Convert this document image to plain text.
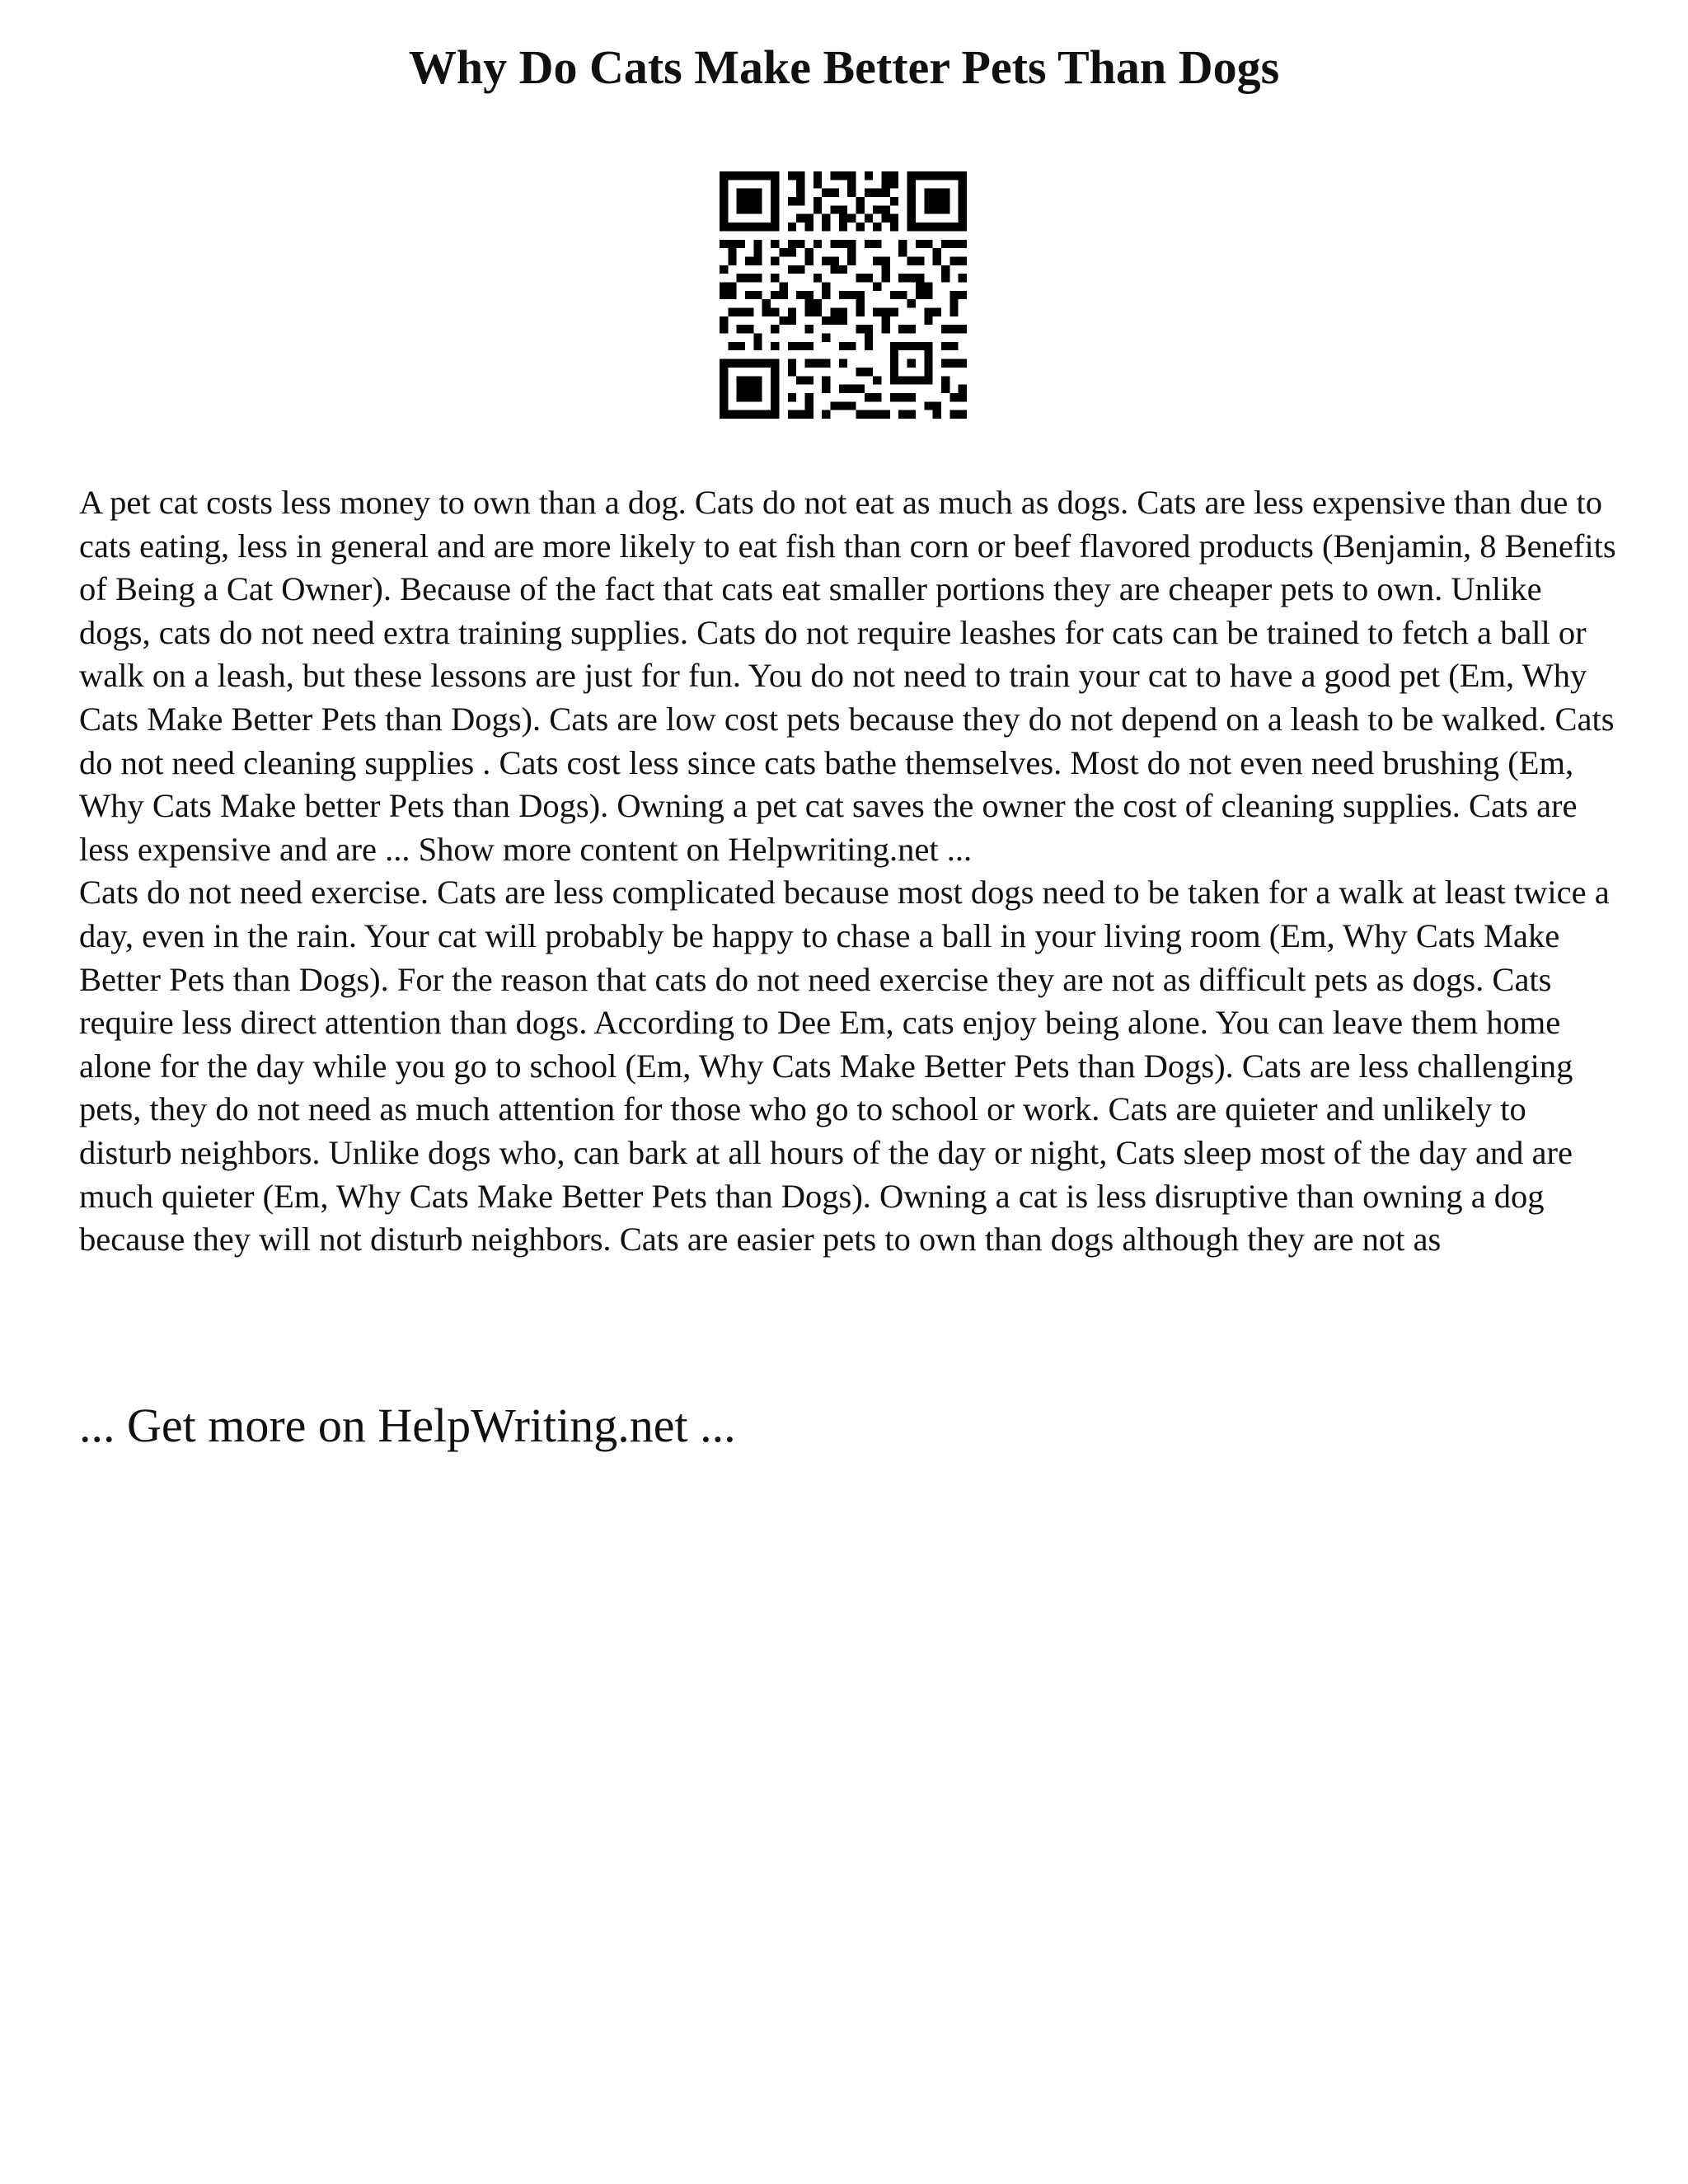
Why Do Cats Make Better Pets Than Dogs

A pet cat costs less money to own than a dog. Cats do not eat as much as dogs. Cats are less expensive than due to cats eating, less in general and are more likely to eat fish than corn or beef flavored products (Benjamin, 8 Benefits of Being a Cat Owner). Because of the fact that cats eat smaller portions they are cheaper pets to own. Unlike dogs, cats do not need extra training supplies. Cats do not require leashes for cats can be trained to fetch a ball or walk on a leash, but these lessons are just for fun. You do not need to train your cat to have a good pet (Em, Why Cats Make Better Pets than Dogs). Cats are low cost pets because they do not depend on a leash to be walked. Cats do not need cleaning supplies . Cats cost less since cats bathe themselves. Most do not even need brushing (Em, Why Cats Make better Pets than Dogs). Owning a pet cat saves the owner the cost of cleaning supplies. Cats are less expensive and are ... Show more content on Helpwriting.net ...

Cats do not need exercise. Cats are less complicated because most dogs need to be taken for a walk at least twice a day, even in the rain. Your cat will probably be happy to chase a ball in your living room (Em, Why Cats Make Better Pets than Dogs). For the reason that cats do not need exercise they are not as difficult pets as dogs. Cats require less direct attention than dogs. According to Dee Em, cats enjoy being alone. You can leave them home alone for the day while you go to school (Em, Why Cats Make Better Pets than Dogs). Cats are less challenging pets, they do not need as much attention for those who go to school or work. Cats are quieter and unlikely to disturb neighbors. Unlike dogs who, can bark at all hours of the day or night, Cats sleep most of the day and are much quieter (Em, Why Cats Make Better Pets than Dogs). Owning a cat is less disruptive than owning a dog because they will not disturb neighbors. Cats are easier pets to own than dogs although they are not as

... Get more on HelpWriting.net ...
